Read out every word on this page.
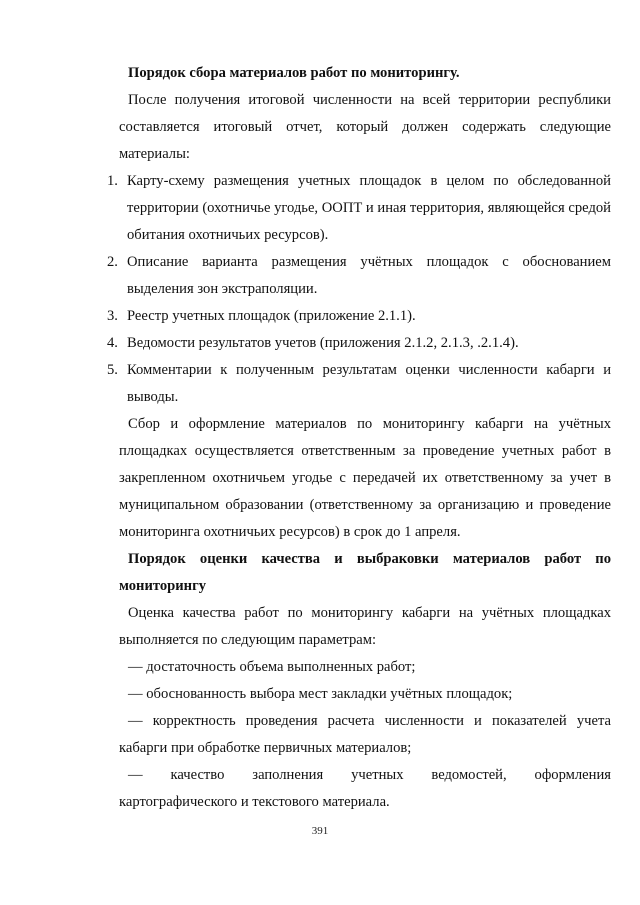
Порядок сбора материалов работ по мониторингу.

После получения итоговой численности на всей территории республики составляется итоговый отчет, который должен содержать следующие материалы:

1. Карту-схему размещения учетных площадок в целом по обследованной территории (охотничье угодье, ООПТ и иная территория, являющейся средой обитания охотничьих ресурсов).
2. Описание варианта размещения учётных площадок с обоснованием выделения зон экстраполяции.
3. Реестр учетных площадок (приложение 2.1.1).
4. Ведомости результатов учетов (приложения 2.1.2, 2.1.3, .2.1.4).
5. Комментарии к полученным результатам оценки численности кабарги и выводы.

Сбор и оформление материалов по мониторингу кабарги на учётных площадках осуществляется ответственным за проведение учетных работ в закрепленном охотничьем угодье с передачей их ответственному за учет в муниципальном образовании (ответственному за организацию и проведение мониторинга охотничьих ресурсов) в срок до 1 апреля.

Порядок оценки качества и выбраковки материалов работ по мониторингу

Оценка качества работ по мониторингу кабарги на учётных площадках выполняется по следующим параметрам:

— достаточность объема выполненных работ;

— обоснованность выбора мест закладки учётных площадок;

— корректность проведения расчета численности и показателей учета кабарги при обработке первичных материалов;

— качество заполнения учетных ведомостей, оформления

картографического и текстового материала.

391
